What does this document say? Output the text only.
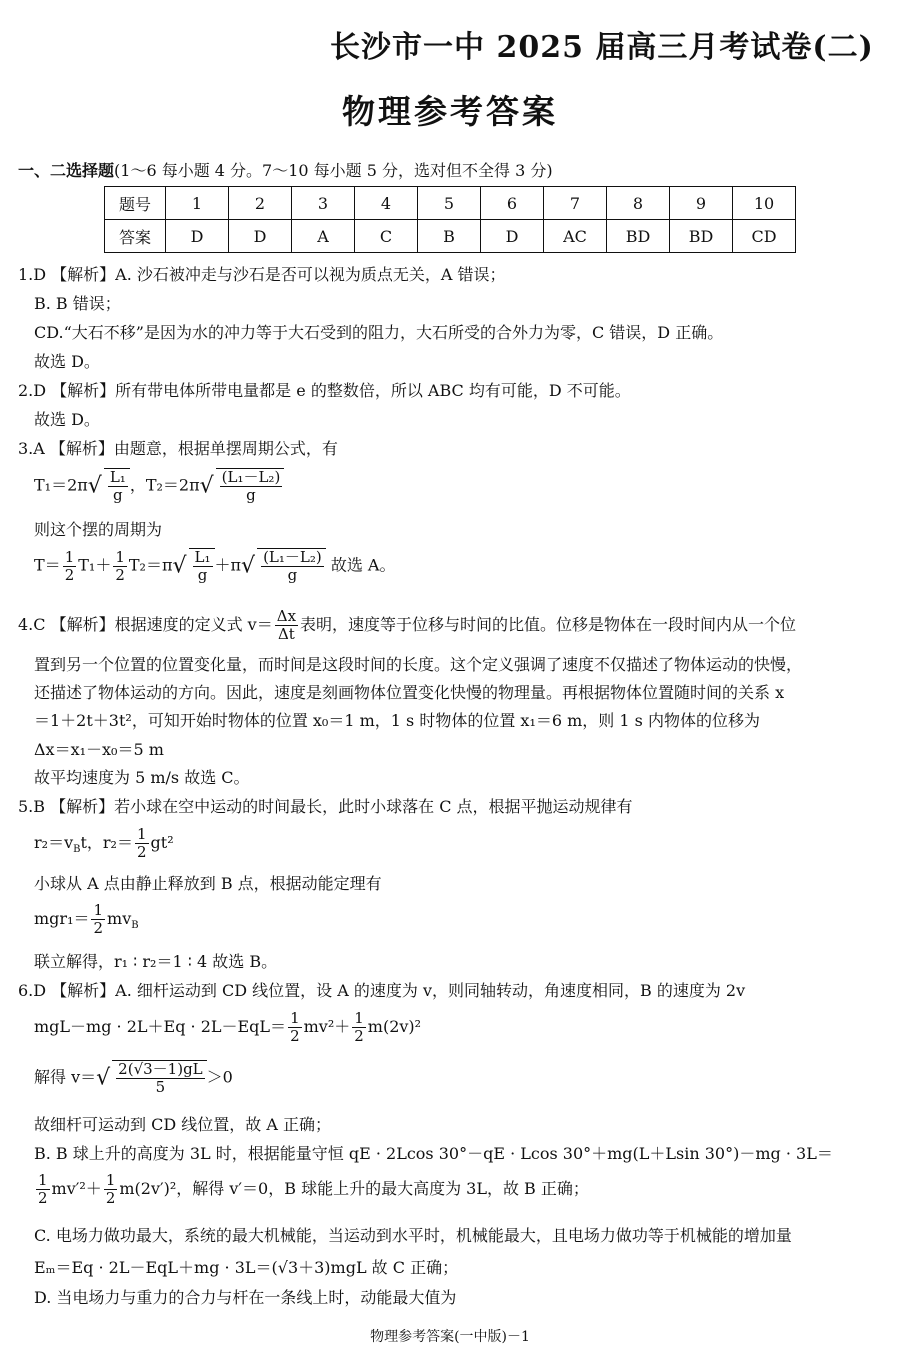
长沙市一中 2025 届高三月考试卷(二)
物理参考答案
一、二选择题(1～6 每小题 4 分。7～10 每小题 5 分，选对但不全得 3 分)
题号	1	2	3	4	5	6	7	8	9	10
答案	D	D	A	C	B	D	AC	BD	BD	CD
1.D 【解析】A. 沙石被冲走与沙石是否可以视为质点无关，A 错误；
B. B 错误；
CD.“大石不移”是因为水的冲力等于大石受到的阻力，大石所受的合外力为零，C 错误，D 正确。
故选 D。
2.D 【解析】所有带电体所带电量都是 e 的整数倍，所以 ABC 均有可能，D 不可能。
故选 D。
3.A 【解析】由题意，根据单摆周期公式，有
$T_1=2\pi√ \frac{\text{L₁}}{g}$ ，$T_2=2\pi√ \frac{\text{(L₁－L₂)}}{g}$
则这个摆的周期为
$T= \frac{1}{2} T_1+ \frac{1}{2} T_2=\pi√ \frac{\text{L₁}}{g} +\pi√ \frac{\text{(L₁－L₂)}}{g}$ 故选 A。
4.C 【解析】根据速度的定义式 $v= \frac{\Delta x}{\Delta t}$ 表明，速度等于位移与时间的比值。位移是物体在一段时间内从一个位
置到另一个位置的位置变化量，而时间是这段时间的长度。这个定义强调了速度不仅描述了物体运动的快慢，
还描述了物体运动的方向。因此，速度是刻画物体位置变化快慢的物理量。再根据物体位置随时间的关系 x
＝1＋2t＋3t²，可知开始时物体的位置 x₀＝1 m，1 s 时物体的位置 x₁＝6 m，则 1 s 内物体的位移为
Δx＝x₁－x₀＝5 m
故平均速度为 5 m/s 故选 C。
5.B 【解析】若小球在空中运动的时间最长，此时小球落在 C 点，根据平抛运动规律有
$r_2=v_Bt$，$r_2= \frac{1}{2} gt^2$
小球从 A 点由静止释放到 B 点，根据动能定理有
$mgr_1= \frac{1}{2} mv_B$
联立解得，r₁ ∶ r₂＝1 ∶ 4 故选 B。
6.D 【解析】A. 细杆运动到 CD 线位置，设 A 的速度为 v，则同轴转动，角速度相同，B 的速度为 2v
$mgL-mg \cdot 2L+Eq \cdot 2L-EqL= \frac{1}{2} mv^2+ \frac{1}{2} m(2v)^2$
解得 $v=√ \frac{2(√3-1)gL}{5} >0$
故细杆可运动到 CD 线位置，故 A 正确；
B. B 球上升的高度为 3L 时，根据能量守恒 qE · 2Lcos 30°－qE · Lcos 30°＋mg(L＋Lsin 30°)－mg · 3L＝
$\frac{1}{2} mv'^2+ \frac{1}{2} m(2v')^2$，解得 v′＝0，B 球能上升的最大高度为 3L，故 B 正确；
C. 电场力做功最大，系统的最大机械能，当运动到水平时，机械能最大，且电场力做功等于机械能的增加量
Eₘ＝Eq · 2L－EqL＋mg · 3L＝(√3＋3)mgL 故 C 正确；
D. 当电场力与重力的合力与杆在一条线上时，动能最大值为
物理参考答案(一中版)－1
